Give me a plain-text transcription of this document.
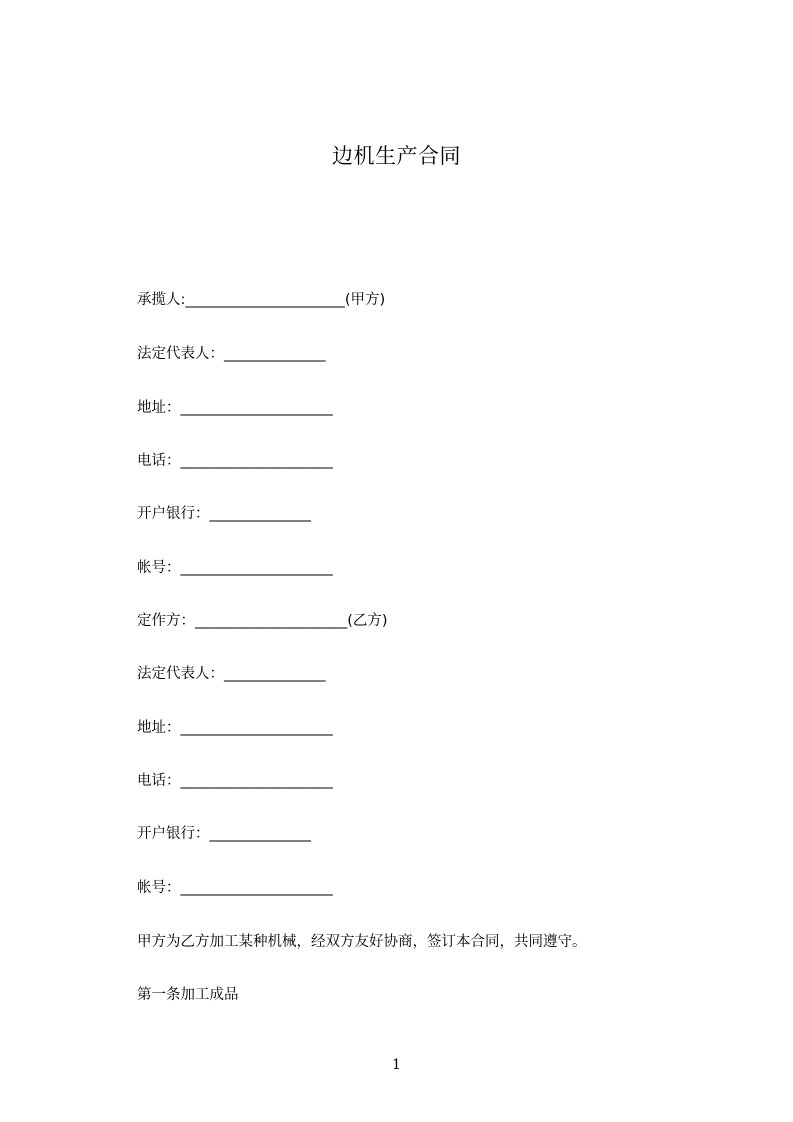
边机生产合同

承揽人:______________________(甲方)

法定代表人：______________

地址：_____________________

电话：_____________________

开户银行：______________

帐号：_____________________

定作方：_____________________(乙方)

法定代表人：______________

地址：_____________________

电话：_____________________

开户银行：______________

帐号：_____________________

甲方为乙方加工某种机械，经双方友好协商，签订本合同，共同遵守。

第一条加工成品

1
